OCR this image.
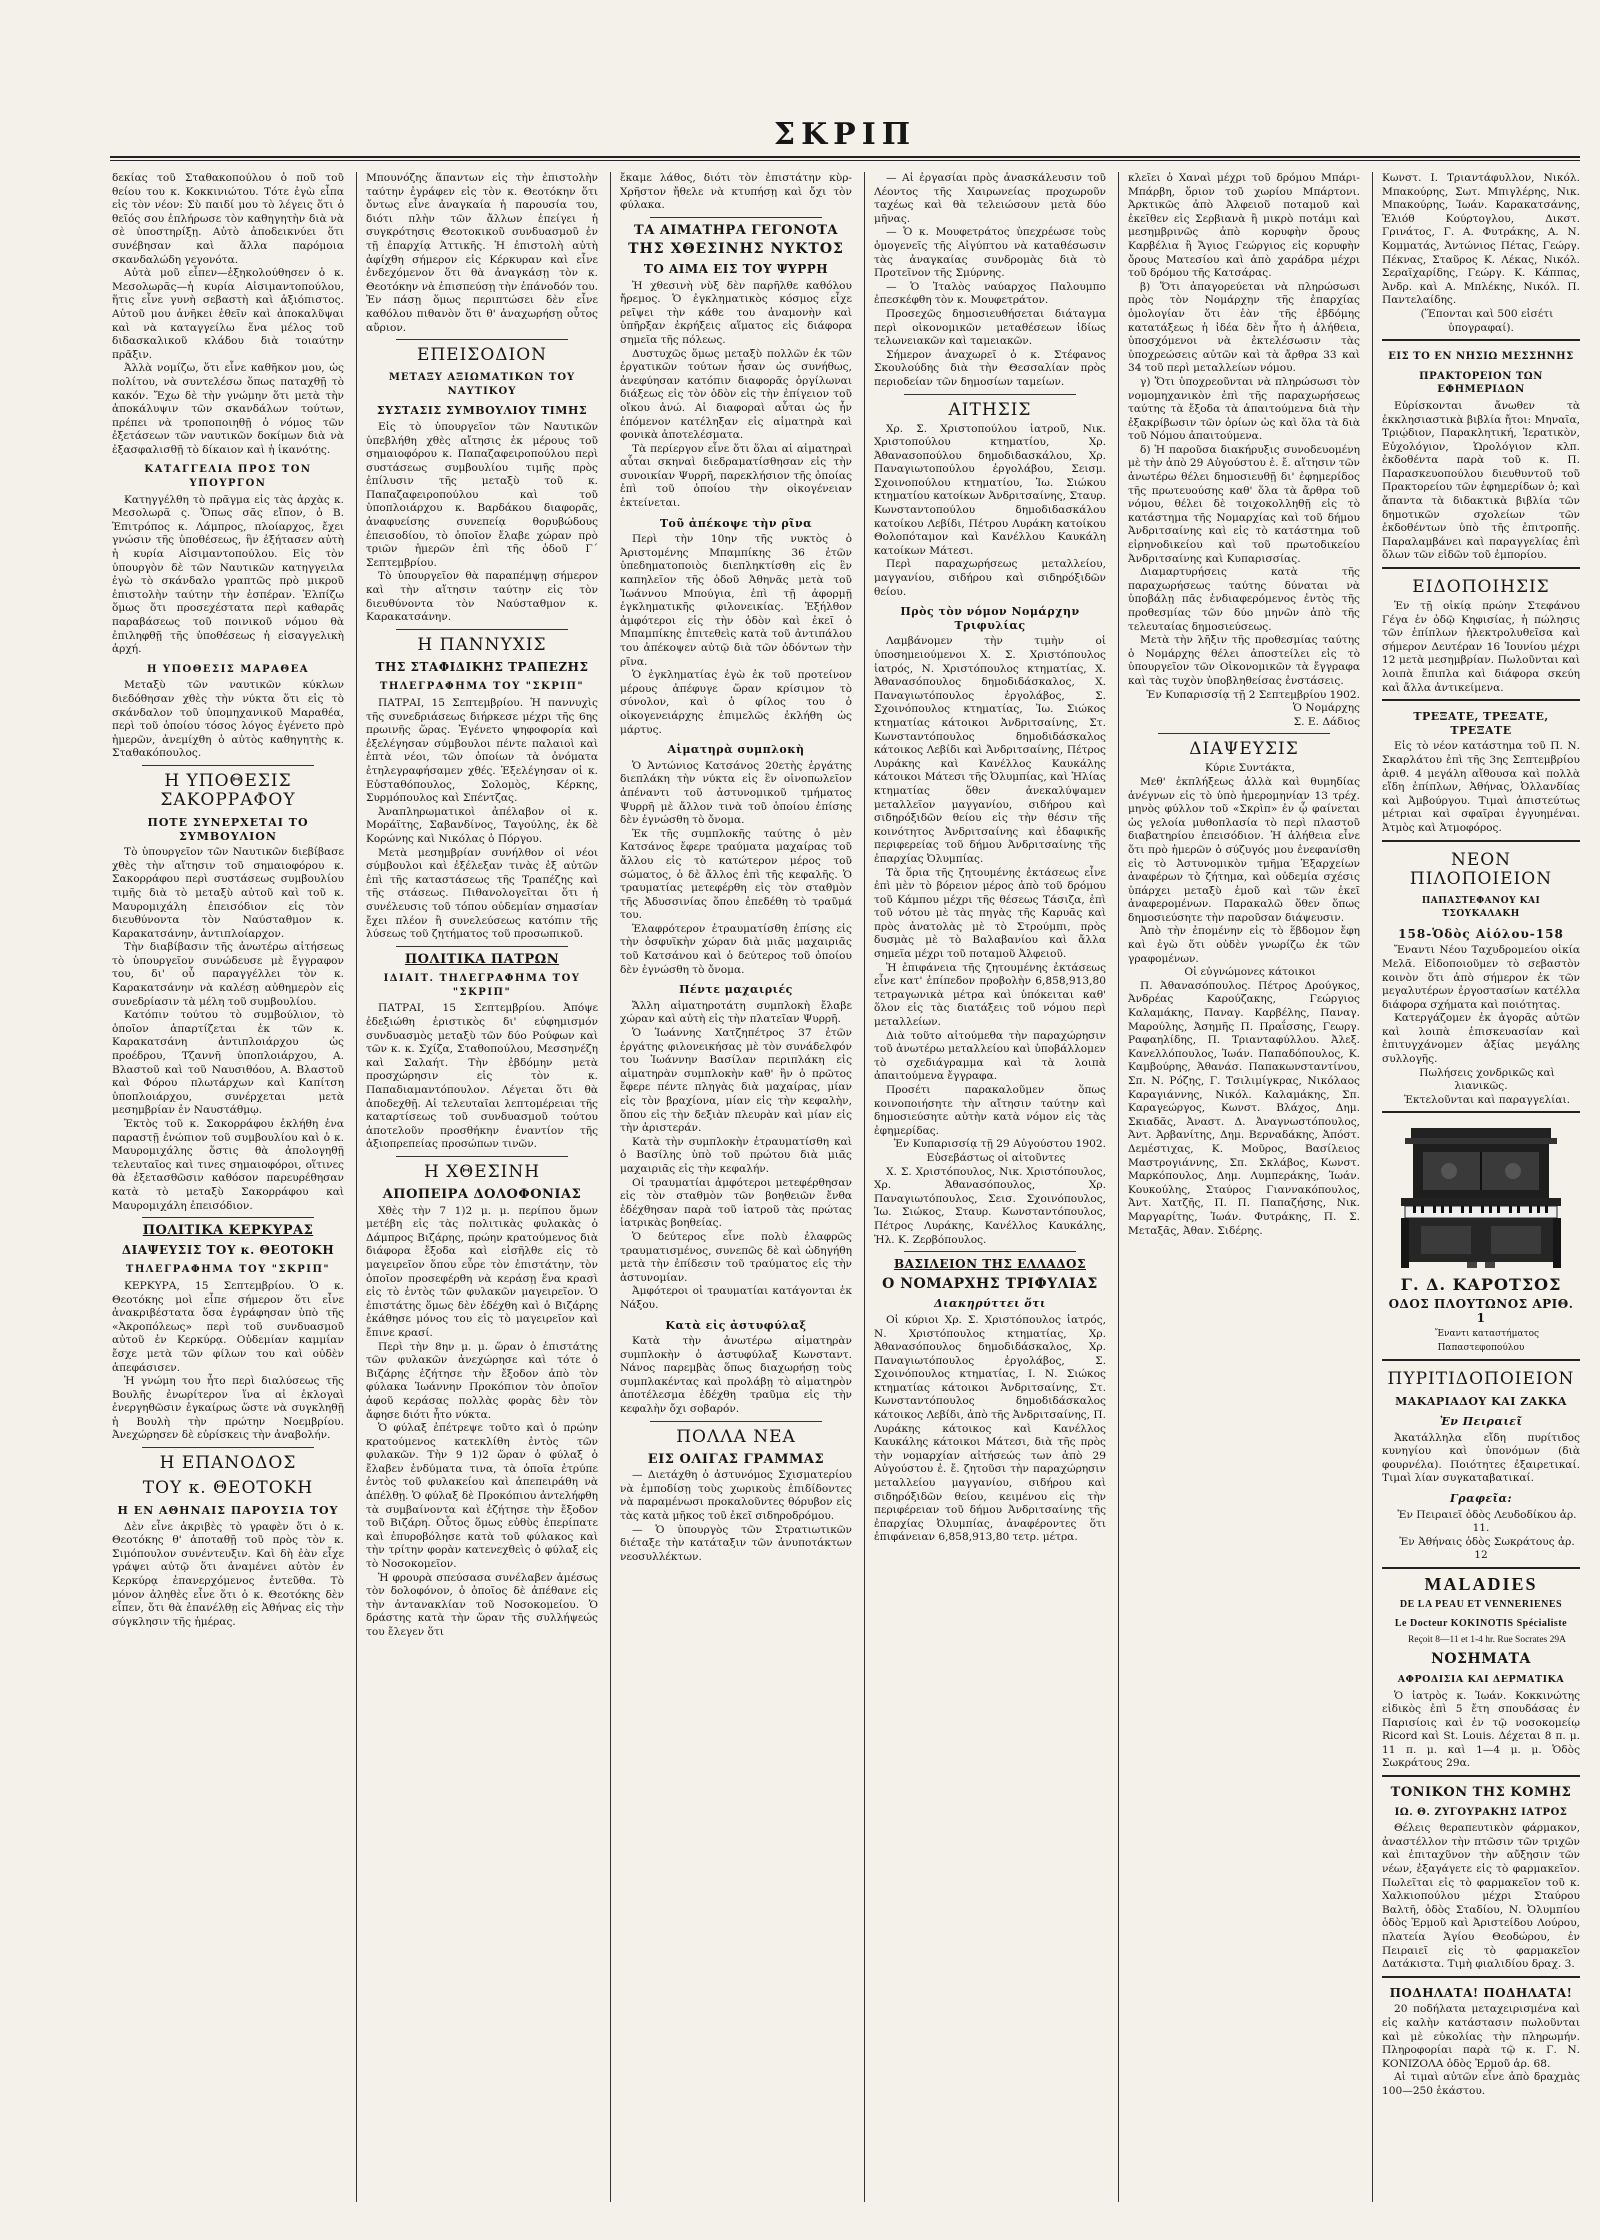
ΣΚΡΙΠ

δεκίας τοῦ Σταθακοπούλου ὁ ποῦ τοῦ θείου του κ. Κοκκινιώτου. Τότε ἐγὼ εἶπα εἰς τὸν νέον: Σὺ παιδί μου τὸ λέγεις ὅτι ὁ θεῖός σου ἐπλήρωσε τὸν καθηγητὴν διὰ νὰ σὲ ὑποστηρίξῃ. Αὐτὸ ἀποδεικνύει ὅτι συνέβησαν καὶ ἄλλα παρόμοια σκανδαλώδη γεγονότα.

Αὐτὰ μοῦ εἶπεν—ἐξηκολούθησεν ὁ κ. Μεσολωρᾶς—ἡ κυρία Αἰσιμαντοπούλου, ἥτις εἶνε γυνὴ σεβαστὴ καὶ ἀξιόπιστος. Αὐτοῦ μου ἀνῆκει ἐθεῖν καὶ ἀποκαλῦψαι καὶ νὰ καταγγείλω ἕνα μέλος τοῦ διδασκαλικοῦ κλάδου διὰ τοιαύτην πρᾶξιν.

Ἀλλὰ νομίζω, ὅτι εἶνε καθῆκον μου, ὡς πολίτου, νὰ συντελέσω ὅπως παταχθῇ τὸ κακόν. Ἔχω δὲ τὴν γνώμην ὅτι μετὰ τὴν ἀποκάλυψιν τῶν σκανδάλων τούτων, πρέπει νὰ τροποποιηθῇ ὁ νόμος τῶν ἐξετάσεων τῶν ναυτικῶν δοκίμων διὰ νὰ ἐξασφαλισθῇ τὸ δίκαιον καὶ ἡ ἱκανότης.

ΚΑΤΑΓΓΕΛΙΑ ΠΡΟΣ ΤΟΝ ΥΠΟΥΡΓΟΝ

Κατηγγέλθη τὸ πρᾶγμα εἰς τὰς ἀρχὰς κ. Μεσολωρᾶ ς. Ὅπως σᾶς εἴπον, ὁ Β. Ἐπιτρόπος κ. Λάμπρος, πλοίαρχος, ἔχει γνώσιν τῆς ὑποθέσεως, ἣν ἐξήτασεν αὐτὴ ἡ κυρία Αἰσιμαντοπούλου. Εἰς τὸν ὑπουργὸν δὲ τῶν Ναυτικῶν κατηγγειλα ἐγὼ τὸ σκάνδαλο γραπτῶς πρὸ μικροῦ ἐπιστολὴν ταύτην τὴν ἑσπέραν. Ἐλπίζω ὅμως ὅτι προσεχέστατα περὶ καθαρᾶς παραβάσεως τοῦ ποινικοῦ νόμου θὰ ἐπιληφθῇ τῆς ὑποθέσεως ἡ εἰσαγγελικὴ ἀρχή.

Η ΥΠΟΘΕΣΙΣ ΜΑΡΑΘΕΑ

Μεταξὺ τῶν ναυτικῶν κύκλων διεδόθησαν χθὲς τὴν νύκτα ὅτι εἰς τὸ σκάνδαλον τοῦ ὑπομηχανικοῦ Μαραθέα, περὶ τοῦ ὁποίου τόσος λόγος ἐγένετο πρὸ ἡμερῶν, ἀνεμίχθη ὁ αὐτὸς καθηγητὴς κ. Σταθακόπουλος.

Η ΥΠΟΘΕΣΙΣ ΣΑΚΟΡΡΑΦΟΥ
ΠΟΤΕ ΣΥΝΕΡΧΕΤΑΙ ΤΟ ΣΥΜΒΟΥΛΙΟΝ

Τὸ ὑπουργεῖον τῶν Ναυτικῶν διεβίβασε χθὲς τὴν αἴτησιν τοῦ σημαιοφόρου κ. Σακορράφου περὶ συστάσεως συμβουλίου τιμῆς διὰ τὸ μεταξὺ αὐτοῦ καὶ τοῦ κ. Μαυρομιχάλη ἐπεισόδιον εἰς τὸν διευθύνοντα τὸν Ναύσταθμον κ. Καρακατσάνην, ἀντιπλοίαρχον.

Τὴν διαβίβασιν τῆς ἀνωτέρω αἰτήσεως τὸ ὑπουργεῖον συνώδευσε μὲ ἔγγραφον του, δι' οὗ παραγγέλλει τὸν κ. Καρακατσάνην νὰ καλέσῃ αὐθημερὸν εἰς συνεδρίασιν τὰ μέλη τοῦ συμβουλίου.

Κατόπιν τούτου τὸ συμβούλιον, τὸ ὁποῖον ἀπαρτίζεται ἐκ τῶν κ. Καρακατσάνη ἀντιπλοιάρχου ὡς προέδρου, Τζαννῆ ὑποπλοιάρχου, Α. Βλαστοῦ καὶ τοῦ Ναυσιθόου, Α. Βλαστοῦ καὶ Φόρου πλωτάρχων καὶ Καπίτση ὑποπλοιάρχου, συνέρχεται μετὰ μεσημβρίαν ἐν Ναυστάθμῳ.

Ἐκτὸς τοῦ κ. Σακορράφου ἐκλήθη ἐνα παραστῇ ἐνώπιον τοῦ συμβουλίου καὶ ὁ κ. Μαυρομιχάλης ὅστις θὰ ἀπολογηθῇ τελευταῖος καὶ τινες σημαιοφόροι, οἵτινες θὰ ἐξετασθῶσιν καθόσον παρευρέθησαν κατὰ τὸ μεταξὺ Σακορράφου καὶ Μαυρομιχάλη ἐπεισόδιον.

ΠΟΛΙΤΙΚΑ ΚΕΡΚΥΡΑΣ
ΔΙΑΨΕΥΣΙΣ ΤΟΥ κ. ΘΕΟΤΟΚΗ
ΤΗΛΕΓΡΑΦΗΜΑ ΤΟΥ "ΣΚΡΙΠ"

ΚΕΡΚΥΡΑ, 15 Σεπτεμβρίου. Ὁ κ. Θεοτόκης μοὶ εἶπε σήμερον ὅτι εἶνε ἀνακριβέστατα ὅσα ἐγράφησαν ὑπὸ τῆς «Ἀκροπόλεως» περὶ τοῦ συνδυασμοῦ αὐτοῦ ἐν Κερκύρᾳ. Οὐδεμίαν καμμίαν ἔσχε μετὰ τῶν φίλων του καὶ οὐδὲν ἀπεφάσισεν.

Ἡ γνώμη του ἦτο περὶ διαλύσεως τῆς Βουλῆς ἐνωρίτερον ἵνα αἱ ἐκλογαὶ ἐνεργηθῶσιν ἐγκαίρως ὥστε νὰ συγκληθῇ ἡ Βουλὴ τὴν πρώτην Νοεμβρίου. Ἀνεχώρησεν δὲ εὐρίσκεις τὴν ἀναβολήν.

Η ΕΠΑΝΟΔΟΣ
ΤΟΥ κ. ΘΕΟΤΟΚΗ
Η ΕΝ ΑΘΗΝΑΙΣ ΠΑΡΟΥΣΙΑ ΤΟΥ

Δὲν εἶνε ἀκριβὲς τὸ γραφὲν ὅτι ὁ κ. Θεοτόκης θ' ἀποταθῇ τοῦ πρὸς τὸν κ. Σιμόπουλον συνέντευξιν. Καὶ δὴ ἐὰν εἶχε γράψει αὐτῷ ὅτι ἀναμένει αὐτὸν ἐν Κερκύρᾳ ἐπανερχόμενος ἐντεῦθα. Τὸ μόνον ἀληθὲς εἶνε ὅτι ὁ κ. Θεοτόκης δὲν εἶπεν, ὅτι θὰ ἐπανέλθῃ εἰς Ἀθήνας εἰς τὴν σύγκλησιν τῆς ἡμέρας.

Μπουνόζης ἅπαντων εἰς τὴν ἐπιστολὴν ταύτην ἐγράφεν εἰς τὸν κ. Θεοτόκην ὅτι ὄντως εἶνε ἀναγκαία ἡ παρουσία του, διότι πλὴν τῶν ἄλλων ἐπείγει ἡ συγκρότησις Θεοτοκικοῦ συνδυασμοῦ ἐν τῇ ἐπαρχίᾳ Ἀττικῆς. Ἡ ἐπιστολὴ αὐτὴ ἀφίχθη σήμερον εἰς Κέρκυραν καὶ εἶνε ἐνδεχόμενον ὅτι θὰ ἀναγκάσῃ τὸν κ. Θεοτόκην νὰ ἐπισπεύσῃ τὴν ἐπάνοδόν του. Ἐν πάσῃ ὅμως περιπτώσει δὲν εἶνε καθόλου πιθανὸν ὅτι θ' ἀναχωρήσῃ οὗτος αὔριον.

ΕΠΕΙΣΟΔΙΟΝ
ΜΕΤΑΞΥ ΑΞΙΩΜΑΤΙΚΩΝ ΤΟΥ ΝΑΥΤΙΚΟΥ
ΣΥΣΤΑΣΙΣ ΣΥΜΒΟΥΛΙΟΥ ΤΙΜΗΣ

Εἰς τὸ ὑπουργεῖον τῶν Ναυτικῶν ὑπεβλήθη χθὲς αἴτησις ἐκ μέρους τοῦ σημαιοφόρου κ. Παπαζαφειροπούλου περὶ συστάσεως συμβουλίου τιμῆς πρὸς ἐπίλυσιν τῆς μεταξὺ τοῦ κ. Παπαζαφειροπούλου καὶ τοῦ ὑποπλοιάρχου κ. Βαρδάκου διαφορᾶς, ἀναφυείσης συνεπείᾳ θορυβώδους ἐπεισοδίου, τὸ ὁποῖον ἔλαβε χώραν πρὸ τριῶν ἡμερῶν ἐπὶ τῆς ὁδοῦ Γ΄ Σεπτεμβρίου.

Τὸ ὑπουργεῖον θὰ παραπέμψῃ σήμερον καὶ τὴν αἴτησιν ταύτην εἰς τὸν διευθύνοντα τὸν Ναύσταθμον κ. Καρακατσάνην.

Η ΠΑΝΝΥΧΙΣ
ΤΗΣ ΣΤΑΦΙΔΙΚΗΣ ΤΡΑΠΕΖΗΣ
ΤΗΛΕΓΡΑΦΗΜΑ ΤΟΥ "ΣΚΡΙΠ"

ΠΑΤΡΑΙ, 15 Σεπτεμβρίου. Ἡ παννυχὶς τῆς συνεδριάσεως διήρκεσε μέχρι τῆς 6ης πρωινῆς ὥρας. Ἐγένετο ψηφοφορία καὶ ἐξελέγησαν σύμβουλοι πέντε παλαιοὶ καὶ ἑπτὰ νέοι, τῶν ὁποίων τὰ ὀνόματα ἐτηλεγραφήσαμεν χθές. Ἐξελέγησαν οἱ κ. Εὐσταθόπουλος, Σολομὸς, Κέρκης, Συρμόπουλος καὶ Σπέντζας.

Ἀναπληρωματικοὶ ἀπέλαβον οἱ κ. Μοράϊτης, Σαβανδίνος, Ταγούλης, ἐκ δὲ Κορώνης καὶ Νικόλας ὁ Πόργου.

Μετὰ μεσημβρίαν συνήλθον οἱ νέοι σύμβουλοι καὶ ἐξέλεξαν τινὰς ἐξ αὐτῶν ἐπὶ τῆς καταστάσεως τῆς Τραπέζης καὶ τῆς στάσεως. Πιθανολογεῖται ὅτι ἡ συνέλευσις τοῦ τόπου οὐδεμίαν σημασίαν ἔχει πλέον ἢ συνελεύσεως κατόπιν τῆς λύσεως τοῦ ζητήματος τοῦ προσωπικοῦ.

ΠΟΛΙΤΙΚΑ ΠΑΤΡΩΝ
ΙΔΙΑΙΤ. ΤΗΛΕΓΡΑΦΗΜΑ ΤΟΥ "ΣΚΡΙΠ"

ΠΑΤΡΑΙ, 15 Σεπτεμβρίου. Ἀπόψε ἐδεξιώθη ἐριστικὸς δι' εὐφημισμόν συνδυασμὸς μεταξὺ τῶν δύο Ρούφων καὶ τῶν κ. κ. Σχίζα, Σταθοπούλου, Μεσσηνέζη καὶ Σαλαήτ. Τὴν ἐβδόμην μετὰ προσχώρησιν εἰς τὸν κ. Παπαδιαμαντόπουλον. Λέγεται ὅτι θὰ ἀποδεχθῇ. Αἱ τελευταῖαι λεπτομέρειαι τῆς καταρτίσεως τοῦ συνδυασμοῦ τούτου ἀποτελοῦν προσθήκην ἐναντίον τῆς ἀξιοπρεπείας προσώπων τινῶν.

Η ΧΘΕΣΙΝΗ
ΑΠΟΠΕΙΡΑ ΔΟΛΟΦΟΝΙΑΣ

Χθὲς τὴν 7 1)2 μ. μ. περίπου ὅμων μετέβη εἰς τὰς πολιτικὰς φυλακὰς ὁ Δάμπρος Βιζάρης, πρώην κρατούμενος διὰ διάφορα ἔξοδα καὶ εἰσῆλθε εἰς τὸ μαγειρεῖον ὅπου εὗρε τὸν ἐπιστάτην, τὸν ὁποῖον προσεφέρθη νὰ κεράσῃ ἕνα κρασὶ εἰς τὸ ἐντὸς τῶν φυλακῶν μαγειρεῖον. Ὁ ἐπιστάτης ὅμως δὲν ἐδέχθη καὶ ὁ Βιζάρης ἐκάθησε μόνος του εἰς τὸ μαγειρεῖον καὶ ἔπινε κρασί.

Περὶ τὴν 8ην μ. μ. ὥραν ὁ ἐπιστάτης τῶν φυλακῶν ἀνεχώρησε καὶ τότε ὁ Βιζάρης ἐζήτησε τὴν ἔξοδον ἀπὸ τὸν φύλακα Ἰωάννην Προκόπιον τὸν ὁποῖον ἀφοῦ κεράσας πολλὰς φορὰς δὲν τὸν ἄφησε διότι ἦτο νύκτα.

Ὁ φύλαξ ἐπέτρεψε τοῦτο καὶ ὁ πρώην κρατούμενος κατεκλίθη ἐντὸς τῶν φυλακῶν. Τὴν 9 1)2 ὥραν ὁ φύλαξ ὁ ἔλαβεν ἐνδύματα τινα, τὰ ὁποῖα ἐτρύπε ἐντὸς τοῦ φυλακείου καὶ ἀπεπειράθη νὰ ἀπέλθῃ. Ὁ φύλαξ δὲ Προκόπιου ἀντελήφθη τὰ συμβαίνοντα καὶ ἐζήτησε τὴν ἔξοδον τοῦ Βιζάρη. Οὗτος ὅμως εὐθὺς ἐπερίπατε καὶ ἐπυροβόλησε κατὰ τοῦ φύλακος καὶ τὴν τρίτην φορὰν κατενεχθεὶς ὁ φύλαξ εἰς τὸ Νοσοκομεῖον.

Ἡ φρουρὰ σπεύσασα συνέλαβεν ἀμέσως τὸν δολοφόνον, ὁ ὁποῖος δὲ ἀπέθανε εἰς τὴν ἀντανακλίαν τοῦ Νοσοκομείου. Ὁ δράστης κατὰ τὴν ὥραν τῆς συλλήψεώς του ἔλεγεν ὅτι

ἔκαμε λάθος, διότι τὸν ἐπιστάτην κὺρ-Χρῆστον ἤθελε νὰ κτυπήσῃ καὶ ὄχι τὸν φύλακα.

ΤΑ ΑΙΜΑΤΗΡΑ ΓΕΓΟΝΟΤΑ
ΤΗΣ ΧΘΕΣΙΝΗΣ ΝΥΚΤΟΣ
ΤΟ ΑΙΜΑ ΕΙΣ ΤΟΥ ΨΥΡΡΗ

Ἡ χθεσινὴ νὺξ δὲν παρῆλθε καθόλου ἤρεμος. Ὁ ἐγκληματικὸς κόσμος εἶχε ρεῖψει τὴν κάθε του ἀναμονὴν καὶ ὑπῆρξαν ἐκρήξεις αἵματος εἰς διάφορα σημεῖα τῆς πόλεως.

Δυστυχῶς ὅμως μεταξὺ πολλῶν ἐκ τῶν ἐργατικῶν τούτων ἦσαν ὡς συνήθως, ἀνεφύησαν κατόπιν διαφορᾶς ὀργίλωναι διάξεως εἰς τὸν ὁδὸν εἰς τὴν ἐπίγειον τοῦ οἴκου ἀνώ. Αἱ διαφοραὶ αὗται ὡς ἦν ἐπόμενον κατέληξαν εἰς αἱματηρὰ καὶ φονικὰ ἀποτελέσματα.

Τὰ περίεργον εἶνε ὅτι ὅλαι αἱ αἱματηραὶ αὗται σκηναὶ διεδραματίσθησαν εἰς τὴν συνοικίαν Ψυρρῆ, παρεκλήσιον τῆς ὁποίας ἐπὶ τοῦ ὁποίου τὴν οἰκογένειαν ἐκτείνεται.

Τοῦ ἀπέκοψε τὴν ρῖνα

Περὶ τὴν 10ην τῆς νυκτὸς ὁ Ἀριστομένης Μπαμπίκης 36 ἐτῶν ὑπεδηματοποιὸς διεπληκτίσθη εἰς ἓν καπηλεῖον τῆς ὁδοῦ Ἀθηνᾶς μετὰ τοῦ Ἰωάννου Μπούγια, ἐπὶ τῇ ἀφορμῇ ἐγκληματικῆς φιλονεικίας. Ἐξήλθον ἀμφότεροι εἰς τὴν ὁδὸν καὶ ἐκεῖ ὁ Μπαμπίκης ἐπιτεθεὶς κατὰ τοῦ ἀντιπάλου του ἀπέκοψεν αὐτῷ διὰ τῶν ὀδόντων τὴν ρῖνα.

Ὁ ἐγκληματίας ἐγὼ ἐκ τοῦ προτείνον μέρους ἀπέφυγε ὥραν κρίσιμον τὸ σύνολον, καὶ ὁ φίλος του ὁ οἰκογενειάρχης ἐπιμελῶς ἐκλήθη ὡς μάρτυς.

Αἱματηρὰ συμπλοκὴ

Ὁ Ἀντώνιος Κατσάνος 20ετὴς ἐργάτης διεπλάκη τὴν νύκτα εἰς ἓν οἰνοπωλεῖον ἀπέναντι τοῦ ἀστυνομικοῦ τμήματος Ψυρρῆ μὲ ἄλλον τινὰ τοῦ ὁποίου ἐπίσης δὲν ἐγνώσθη τὸ ὄνομα.

Ἐκ τῆς συμπλοκῆς ταύτης ὁ μὲν Κατσάνος ἔφερε τραύματα μαχαίρας τοῦ ἄλλου εἰς τὸ κατώτερον μέρος τοῦ σώματος, ὁ δὲ ἄλλος ἐπὶ τῆς κεφαλῆς. Ὁ τραυματίας μετεφέρθη εἰς τὸν σταθμὸν τῆς Ἀδυσσινίας ὅπου ἐπεδέθη τὸ τραῦμά του.

Ἐλαφρότερον ἐτραυματίσθη ἐπίσης εἰς τὴν ὀσφυϊκὴν χώραν διὰ μιᾶς μαχαιριᾶς τοῦ Κατσάνου καὶ ὁ δεύτερος τοῦ ὁποίου δὲν ἐγνώσθη τὸ ὄνομα.

Πέντε μαχαιριές

Ἄλλη αἱματηροτάτη συμπλοκὴ ἔλαβε χώραν καὶ αὐτὴ εἰς τὴν πλατεῖαν Ψυρρῆ.

Ὁ Ἰωάννης Χατζηπέτρος 37 ἐτῶν ἐργάτης φιλονεικήσας μὲ τὸν συνάδελφόν του Ἰωάννην Βασίλαν περιπλάκη εἰς αἱματηρὰν συμπλοκὴν καθ' ἣν ὁ πρῶτος ἔφερε πέντε πληγὰς διὰ μαχαίρας, μίαν εἰς τὸν βραχίονα, μίαν εἰς τὴν κεφαλὴν, ὅπου εἰς τὴν δεξιὰν πλευρὰν καὶ μίαν εἰς τὴν ἀριστεράν.

Κατὰ τὴν συμπλοκὴν ἐτραυματίσθη καὶ ὁ Βασίλης ὑπὸ τοῦ πρώτου διὰ μιᾶς μαχαιριᾶς εἰς τὴν κεφαλήν.

Οἱ τραυματίαι ἀμφότεροι μετεφέρθησαν εἰς τὸν σταθμὸν τῶν βοηθειῶν ἔνθα ἐδέχθησαν παρὰ τοῦ ἰατροῦ τὰς πρώτας ἰατρικὰς βοηθείας.

Ὁ δεύτερος εἶνε πολὺ ἐλαφρῶς τραυματισμένος, συνεπῶς δὲ καὶ ὡδηγήθη μετὰ τὴν ἐπίδεσιν τοῦ τραύματος εἰς τὴν ἀστυνομίαν.

Ἀμφότεροι οἱ τραυματίαι κατάγονται ἐκ Νάξου.

Κατὰ εἰς ἀστυφύλαξ

Κατὰ τὴν ἀνωτέρω αἱματηρὰν συμπλοκὴν ὁ ἀστυφύλαξ Κωνσταντ. Νάνος παρεμβὰς ὅπως διαχωρήσῃ τοὺς συμπλακέντας καὶ προλάβῃ τὸ αἱματηρὸν ἀποτέλεσμα ἐδέχθη τραῦμα εἰς τὴν κεφαλὴν ὄχι σοβαρόν.

ΠΟΛΛΑ ΝΕΑ
ΕΙΣ ΟΛΙΓΑΣ ΓΡΑΜΜΑΣ

— Διετάχθη ὁ ἀστυνόμος Σχισματερίου νὰ ἐμποδίσῃ τοὺς χωρικοὺς ἐπιδίδοντες νὰ παραμένωσι προκαλοῦντες θόρυβον εἰς τὰς κατὰ μῆκος τοῦ ἐκεῖ σιδηροδρόμου.

— Ὁ ὑπουργὸς τῶν Στρατιωτικῶν διέταξε τὴν κατάταξιν τῶν ἀνυποτάκτων νεοσυλλέκτων.

— Αἱ ἐργασίαι πρὸς ἀνασκάλευσιν τοῦ Λέοντος τῆς Χαιρωνείας προχωροῦν ταχέως καὶ θὰ τελειώσουν μετὰ δύο μῆνας.

— Ὁ κ. Μουφετράτος ὑπεχρέωσε τοὺς ὁμογενεῖς τῆς Αἰγύπτου νὰ καταθέσωσιν τὰς ἀναγκαίας συνδρομὰς διὰ τὸ Προτεῖνον τῆς Σμύρνης.

— Ὁ Ἰταλὸς ναύαρχος Παλουμπο ἐπεσκέφθη τὸν κ. Μουφετράτον.

Προσεχῶς δημοσιευθήσεται διάταγμα περὶ οἰκονομικῶν μεταθέσεων ἰδίως τελωνειακῶν καὶ ταμειακῶν.

Σήμερον ἀναχωρεῖ ὁ κ. Στέφανος Σκουλούδης διὰ τὴν Θεσσαλίαν πρὸς περιοδείαν τῶν δημοσίων ταμείων.

ΑΙΤΗΣΙΣ

Χρ. Σ. Χριστοπούλου ἰατροῦ, Νικ. Χριστοπούλου κτηματίου, Χρ. Ἀθανασοπούλου δημοδιδασκάλου, Χρ. Παναγιωτοπούλου ἐργολάβου, Σεισμ. Σχοινοπούλου κτηματίου, Ἰω. Σιώκου κτηματίου κατοίκων Ἀνδριτσαίνης, Σταυρ. Κωνσταντοπούλου δημοδιδασκάλου κατοίκου Λεβίδι, Πέτρου Λυράκη κατοίκου Θολοπόταμον καὶ Κανέλλου Καυκάλη κατοίκων Μάτεσι.

Περὶ παραχωρήσεως μεταλλείου, μαγγανίου, σιδήρου καὶ σιδηρόξιδῶν θείου.

Πρὸς τὸν νόμον Νομάρχην Τριφυλίας

Λαμβάνομεν τὴν τιμὴν οἱ ὑποσημειούμενοι Χ. Σ. Χριστόπουλος ἰατρός, Ν. Χριστόπουλος κτηματίας, Χ. Ἀθανασόπουλος δημοδιδάσκαλος, Χ. Παναγιωτόπουλος ἐργολάβος, Σ. Σχοινόπουλος κτηματίας, Ἰω. Σιώκος κτηματίας κάτοικοι Ἀνδριτσαίνης, Στ. Κωνσταντόπουλος δημοδιδάσκαλος κάτοικος Λεβίδι καὶ Ἀνδριτσαίνης, Πέτρος Λυράκης καὶ Κανέλλος Καυκάλης κάτοικοι Μάτεσι τῆς Ὀλυμπίας, καὶ Ἠλίας κτηματίας ὅθεν ἀνεκαλύψαμεν μεταλλεῖον μαγγανίου, σιδήρου καὶ σιδηρόξιδῶν θείου εἰς τὴν θέσιν τῆς κοινότητος Ἀνδριτσαίνης καὶ ἐδαφικῆς περιφερείας τοῦ δήμου Ἀνδριτσαίνης τῆς ἐπαρχίας Ὀλυμπίας.

Τὰ ὅρια τῆς ζητουμένης ἐκτάσεως εἶνε ἐπὶ μὲν τὸ βόρειον μέρος ἀπὸ τοῦ δρόμου τοῦ Κάμπου μέχρι τῆς θέσεως Τάσιζα, ἐπὶ τοῦ νότου μὲ τὰς πηγὰς τῆς Καρυᾶς καὶ πρὸς ἀνατολὰς μὲ τὸ Στρούμπι, πρὸς δυσμὰς μὲ τὸ Βαλαβανίου καὶ ἄλλα σημεῖα μέχρι τοῦ ποταμοῦ Ἀλφειοῦ.

Ἡ ἐπιφάνεια τῆς ζητουμένης ἐκτάσεως εἶνε κατ' ἐπίπεδον προβολὴν 6,858,913,80 τετραγωνικὰ μέτρα καὶ ὑπόκειται καθ' ὅλον εἰς τὰς διατάξεις τοῦ νόμου περὶ μεταλλείων.

Διὰ τοῦτο αἰτούμεθα τὴν παραχώρησιν τοῦ ἀνωτέρω μεταλλείου καὶ ὑποβάλλομεν τὸ σχεδιάγραμμα καὶ τὰ λοιπὰ ἀπαιτούμενα ἔγγραφα.

Προσέτι παρακαλοῦμεν ὅπως κοινοποιήσητε τὴν αἴτησιν ταύτην καὶ δημοσιεύσητε αὐτὴν κατὰ νόμον εἰς τὰς ἐφημερίδας.

Ἐν Κυπαρισσίᾳ τῇ 29 Αὐγούστου 1902.

Εὐσεβάστως οἱ αἰτοῦντες

Χ. Σ. Χριστόπουλος, Νικ. Χριστόπουλος, Χρ. Ἀθανασόπουλος, Χρ. Παναγιωτόπουλος, Σεισ. Σχοινόπουλος, Ἰω. Σιώκος, Σταυρ. Κωνσταντόπουλος, Πέτρος Λυράκης, Κανέλλος Καυκάλης, Ἠλ. Κ. Ζερβόπουλος.

ΒΑΣΙΛΕΙΟΝ ΤΗΣ ΕΛΛΑΔΟΣ
Ο ΝΟΜΑΡΧΗΣ ΤΡΙΦΥΛΙΑΣ
Διακηρύττει ὅτι

Οἱ κύριοι Χρ. Σ. Χριστόπουλος ἰατρός, Ν. Χριστόπουλος κτηματίας, Χρ. Ἀθανασόπουλος δημοδιδάσκαλος, Χρ. Παναγιωτόπουλος ἐργολάβος, Σ. Σχοινόπουλος κτηματίας, Ι. Ν. Σιώκος κτηματίας κάτοικοι Ἀνδριτσαίνης, Στ. Κωνσταντόπουλος δημοδιδάσκαλος κάτοικος Λεβίδι, ἀπὸ τῆς Ἀνδριτσαίνης, Π. Λυράκης κάτοικος καὶ Κανέλλος Καυκάλης κάτοικοι Μάτεσι, διὰ τῆς πρὸς τὴν νομαρχίαν αἰτήσεώς των ἀπὸ 29 Αὐγούστου ἐ. ἔ. ζητοῦσι τὴν παραχώρησιν μεταλλείου μαγγανίου, σιδήρου καὶ σιδηρόξιδῶν θείου, κειμένου εἰς τὴν περιφέρειαν τοῦ δήμου Ἀνδριτσαίνης τῆς ἐπαρχίας Ὀλυμπίας, ἀναφέροντες ὅτι ἐπιφάνειαν 6,858,913,80 τετρ. μέτρα.

κλεῖει ὁ Χαναὶ μέχρι τοῦ δρόμου Μπάρι-Μπάρβη, ὅριον τοῦ χωρίου Μπάρτονι. Ἀρκτικῶς ἀπὸ Ἀλφειοῦ ποταμοῦ καὶ ἐκεῖθεν εἰς Σερβιανὰ ἢ μικρὸ ποτάμι καὶ μεσημβρινῶς ἀπὸ κορυφὴν ὄρους Καρβέλια ἢ Ἄγιος Γεώργιος εἰς κορυφὴν ὄρους Ματεσίου καὶ ἀπὸ χαράδρα μέχρι τοῦ δρόμου τῆς Κατσάρας.

β) Ὅτι ἀπαγορεύεται νὰ πληρώσωσι πρὸς τὸν Νομάρχην τῆς ἐπαρχίας ὁμολογίαν ὅτι ἐὰν τῆς ἐβδόμης κατατάξεως ἡ ἰδέα δὲν ἦτο ἡ ἀλήθεια, ὑποσχόμενοι νὰ ἐκτελέσωσιν τὰς ὑποχρεώσεις αὐτῶν καὶ τὰ ἄρθρα 33 καὶ 34 τοῦ περὶ μεταλλείων νόμου.

γ) Ὅτι ὑποχρεοῦνται νὰ πληρώσωσι τὸν νομομηχανικὸν ἐπὶ τῆς παραχωρήσεως ταύτης τὰ ἔξοδα τὰ ἀπαιτούμενα διὰ τὴν ἐξακρίβωσιν τῶν ὁρίων ὡς καὶ ὅλα τὰ διὰ τοῦ Νόμου ἀπαιτούμενα.

δ) Ἡ παροῦσα διακήρυξις συνοδευομένη μὲ τὴν ἀπὸ 29 Αὐγούστου ἐ. ἔ. αἴτησιν τῶν ἀνωτέρω θέλει δημοσιευθῇ δι' ἐφημερίδος τῆς πρωτευούσης καθ' ὅλα τὰ ἄρθρα τοῦ νόμου, θέλει δὲ τοιχοκολληθῇ εἰς τὸ κατάστημα τῆς Νομαρχίας καὶ τοῦ δήμου Ἀνδριτσαίνης καὶ εἰς τὸ κατάστημα τοῦ εἰρηνοδικείου καὶ τοῦ πρωτοδικείου Ἀνδριτσαίνης καὶ Κυπαρισσίας.

Διαμαρτυρήσεις κατὰ τῆς παραχωρήσεως ταύτης δύναται νὰ ὑποβάλῃ πᾶς ἐνδιαφερόμενος ἐντὸς τῆς προθεσμίας τῶν δύο μηνῶν ἀπὸ τῆς τελευταίας δημοσιεύσεως.

Μετὰ τὴν λῆξιν τῆς προθεσμίας ταύτης ὁ Νομάρχης θέλει ἀποστείλει εἰς τὸ ὑπουργεῖον τῶν Οἰκονομικῶν τὰ ἔγγραφα καὶ τὰς τυχὸν ὑποβληθείσας ἐνστάσεις.

Ἐν Κυπαρισσίᾳ τῇ 2 Σεπτεμβρίου 1902.

Ὁ Νομάρχης

Σ. Ε. Δάδιος

ΔΙΑΨΕΥΣΙΣ

Κύριε Συντάκτα,

Μεθ' ἐκπλήξεως ἀλλὰ καὶ θυμηδίας ἀνέγνων εἰς τὸ ὑπὸ ἡμερομηνίαν 13 τρέχ. μηνὸς φύλλον τοῦ «Σκρὶπ» ἐν ᾧ φαίνεται ὡς γελοία μυθοπλασία τὸ περὶ πλαστοῦ διαβατηρίου ἐπεισόδιον. Ἡ ἀλήθεια εἶνε ὅτι πρὸ ἡμερῶν ὁ σύζυγός μου ἐνεφανίσθη εἰς τὸ Ἀστυνομικὸν τμῆμα Ἐξαρχείων ἀναφέρων τὸ ζήτημα, καὶ οὐδεμία σχέσις ὑπάρχει μεταξὺ ἐμοῦ καὶ τῶν ἐκεῖ ἀναφερομένων. Παρακαλῶ ὅθεν ὅπως δημοσιεύσητε τὴν παροῦσαν διάψευσιν.

Ἀπὸ τὴν ἐπομένην εἰς τὸ ἕβδομον ἔφη καὶ ἐγὼ ὅτι οὐδὲν γνωρίζω ἐκ τῶν γραφομένων.

Οἱ εὐγνώμονες κάτοικοι

Π. Ἀθανασόπουλος. Πέτρος Δρούγκος, Ἀνδρέας Καρούζακης, Γεώργιος Καλαμάκης, Παναγ. Καρβέλης, Παναγ. Μαρούλης, Ἀσημῆς Π. Πραΐσσης, Γεωργ. Ραφαηλίδης, Π. Τριανταφύλλου. Ἀλεξ. Κανελλόπουλος, Ἰωάν. Παπαδόπουλος, Κ. Καμβούρης, Ἀθανάσ. Παπακωνσταντίνου, Σπ. Ν. Ρόζης, Γ. Τσιλιμίγκρας, Νικόλαος Καραγιάννης, Νικόλ. Καλαμάκης, Σπ. Καραγεώργος, Κωνστ. Βλάχος, Δημ. Σκιαδᾶς, Ἀναστ. Δ. Ἀναγνωστόπουλος, Ἀντ. Ἀρβανίτης, Δημ. Βερναδάκης, Ἀπόστ. Δεμέστιχας, Κ. Μοῦρος, Βασίλειος Μαστρογιάννης, Σπ. Σκλάβος, Κωνστ. Μαρκόπουλος, Δημ. Λυμπεράκης, Ἰωάν. Κουκούλης, Σταύρος Γιαννακόπουλος, Ἀντ. Χατζῆς, Π. Π. Παπαζήσης, Νικ. Μαργαρίτης, Ἰωάν. Φυτράκης, Π. Σ. Μεταξᾶς, Ἀθαν. Σιδέρης.

Κωνστ. Ι. Τριαντάφυλλον, Νικόλ. Μπακούρης, Σωτ. Μπιγλέρης, Νικ. Μπακούρης, Ἰωάν. Καρακατσάνης, Ἐλιόθ Κούρτογλου, Δικστ. Γρινάτος, Γ. Α. Φυτράκης, Α. Ν. Κομματάς, Ἀντώνιος Πέτας, Γεώργ. Πέκνας, Σταῦρος Κ. Λέκας, Νικόλ. Σεραϊχαρίδης, Γεώργ. Κ. Κάππας, Ἀνδρ. καὶ Α. Μπλέκης, Νικόλ. Π. Παντελαίδης.

(Ἕπονται καὶ 500 εἰσέτι ὑπογραφαί).

ΕΙΣ ΤΟ ΕΝ ΝΗΣΙΩ ΜΕΣΣΗΝΗΣ
ΠΡΑΚΤΟΡΕΙΟΝ ΤΩΝ ΕΦΗΜΕΡΙΔΩΝ

Εὑρίσκονται ἄνωθεν τὰ ἐκκλησιαστικὰ βιβλία ἤτοι: Μηναῖα, Τριῴδιον, Παρακλητική, Ἱερατικὸν, Εὐχολόγιον, Ὡρολόγιον κλπ. ἐκδοθέντα παρὰ τοῦ κ. Π. Παρασκευοπούλου διευθυντοῦ τοῦ Πρακτορείου τῶν ἐφημερίδων ὁ; καὶ ἄπαντα τὰ διδακτικὰ βιβλία τῶν δημοτικῶν σχολείων τῶν ἐκδοθέντων ὑπὸ τῆς ἐπιτροπῆς. Παραλαμβάνει καὶ παραγγελίας ἐπὶ ὅλων τῶν εἰδῶν τοῦ ἐμπορίου.

ΕΙΔΟΠΟΙΗΣΙΣ

Ἐν τῇ οἰκίᾳ πρώην Στεφάνου Γέγα ἐν ὁδῷ Κηφισίας, ἡ πώλησις τῶν ἐπίπλων ἠλεκτρολυθεῖσα καὶ σήμερον Δευτέραν 16 Ἰουνίου μέχρι 12 μετὰ μεσημβρίαν. Πωλοῦνται καὶ λοιπὰ ἔπιπλα καὶ διάφορα σκεύη καὶ ἄλλα ἀντικείμενα.

ΤΡΕΞΑΤΕ, ΤΡΕΞΑΤΕ, ΤΡΕΞΑΤΕ

Εἰς τὸ νέον κατάστημα τοῦ Π. Ν. Σκαρλάτου ἐπὶ τῆς 3ης Σεπτεμβρίου ἀριθ. 4 μεγάλη αἴθουσα καὶ πολλὰ εἴδη ἐπίπλων, Ἀθήνας, Ὀλλανδίας καὶ Ἀμβούργου. Τιμαὶ ἀπιστεύτως μέτριαι καὶ σφαῖραι ἐγγυημέναι. Ἀτμὸς καὶ Ἀτμοφόρος.

ΝΕΟΝ ΠΙΛΟΠΟΙΕΙΟΝ
ΠΑΠΑΣΤΕΦΑΝΟΥ ΚΑΙ ΤΣΟΥΚΑΛΑΚΗ
158-Ὁδὸς Αἰόλου-158

Ἔναντι Νέου Ταχυδρομείου οἰκία Μελᾶ. Εἰδοποιοῦμεν τὸ σεβαστὸν κοινὸν ὅτι ἀπὸ σήμερον ἐκ τῶν μεγαλυτέρων ἐργοστασίων κατέλλα διάφορα σχήματα καὶ ποιότητας.

Κατεργάζομεν ἐκ ἀγορᾶς αὐτῶν καὶ λοιπὰ ἐπισκευασίαν καὶ ἐπιτυγχάνομεν ἀξίας μεγάλης συλλογῆς.

Πωλήσεις χονδρικῶς καὶ λιανικῶς.

Ἐκτελοῦνται καὶ παραγγελίαι.

Γ. Δ. ΚΑΡΟΤΣΟΣ
ΟΔΟΣ ΠΛΟΥΤΩΝΟΣ ΑΡΙΘ. 1

Ἔναντι καταστήματος Παπαστεφοπούλου

ΠΥΡΙΤΙΔΟΠΟΙΕΙΟΝ
ΜΑΚΑΡΙΑΔΟΥ ΚΑΙ ΖΑΚΚΑ
Ἐν Πειραιεῖ

Ἀκατάλληλα εἴδη πυρίτιδος κυνηγίου καὶ ὑπονόμων (διὰ φουρνέλα). Ποιότητες ἐξαιρετικαί. Τιμαὶ λίαν συγκαταβατικαί.

Γραφεῖα:

Ἐν Πειραιεῖ ὁδὸς Λευδοδίκου ἀρ. 11.

Ἐν Ἀθήναις ὁδὸς Σωκράτους ἀρ. 12

MALADIES
DE LA PEAU ET VENNERIENES
Le Docteur KOKINOTIS Spécialiste

Reçoit 8—11 et 1-4 hr. Rue Socrates 29A

ΝΟΣΗΜΑΤΑ
ΑΦΡΟΔΙΣΙΑ ΚΑΙ ΔΕΡΜΑΤΙΚΑ

Ὁ ἰατρὸς κ. Ἰωάν. Κοκκινώτης εἰδικὸς ἐπὶ 5 ἔτη σπουδάσας ἐν Παρισίοις καὶ ἐν τῷ νοσοκομείῳ Ricord καὶ St. Louis. Δέχεται 8 π. μ. 11 π. μ. καὶ 1—4 μ. μ. Ὁδὸς Σωκράτους 29α.

ΤΟΝΙΚΟΝ ΤΗΣ ΚΟΜΗΣ
ΙΩ. Θ. ΖΥΓΟΥΡΑΚΗΣ ΙΑΤΡΟΣ

Θέλεις θεραπευτικὸν φάρμακον, ἀναστέλλον τὴν πτῶσιν τῶν τριχῶν καὶ ἐπιταχῦνον τὴν αὔξησιν τῶν νέων, ἐξαγάγετε εἰς τὸ φαρμακεῖον. Πωλεῖται εἰς τὸ φαρμακεῖον τοῦ κ. Χαλκιοπούλου μέχρι Σταύρου Βαλτῆ, ὁδὸς Σταδίου, Ν. Ὀλυμπίου ὁδὸς Ἑρμοῦ καὶ Ἀριστείδου Λούρου, πλατεία Ἁγίου Θεοδώρου, ἐν Πειραιεῖ εἰς τὸ φαρμακεῖον Δατάκιστα. Τιμὴ φιαλιδίου δραχ. 3.

ΠΟΔΗΛΑΤΑ! ΠΟΔΗΛΑΤΑ!

20 ποδήλατα μεταχειρισμένα καὶ εἰς καλὴν κατάστασιν πωλοῦνται καὶ μὲ εὐκολίας τὴν πληρωμήν. Πληροφορίαι παρὰ τῷ κ. Γ. Ν. ΚΟΝΙΖΟΛΑ ὁδὸς Ἑρμοῦ ἀρ. 68.

Αἱ τιμαὶ αὐτῶν εἶνε ἀπὸ δραχμὰς 100—250 ἑκάστου.
